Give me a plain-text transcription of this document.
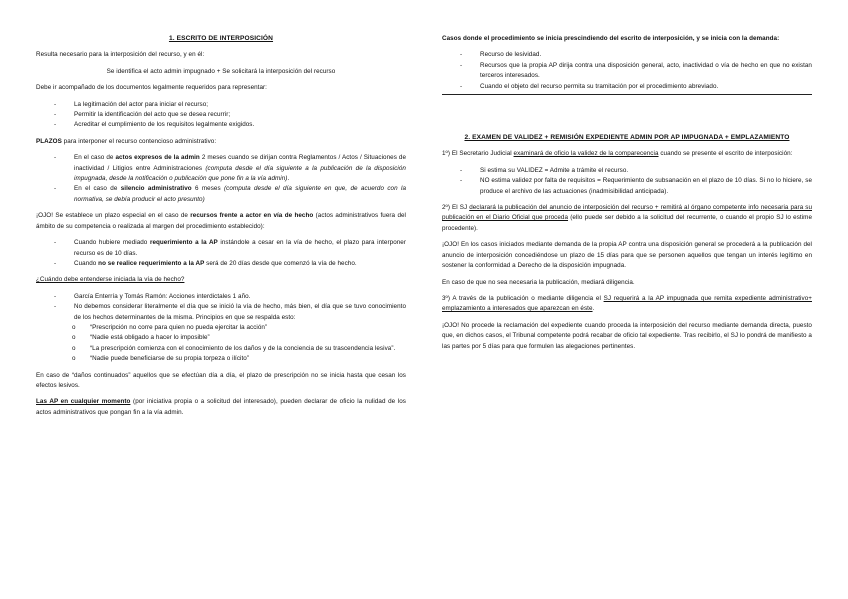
1. ESCRITO DE INTERPOSICIÓN

Resulta necesario para la interposición del recurso, y en él:

Se identifica el acto admin impugnado + Se solicitará la interposición del recurso

Debe ir acompañado de los documentos legalmente requeridos para representar:

- La legitimación del actor para iniciar el recurso;
- Permitir la identificación del acto que se desea recurrir;
- Acreditar el cumplimiento de los requisitos legalmente exigidos.

PLAZOS para interponer el recurso contencioso administrativo:

- En el caso de actos expresos de la admin 2 meses cuando se dirijan contra Reglamentos / Actos / Situaciones de inactividad / Litigios entre Administraciones (computa desde el día siguiente a la publicación de la disposición impugnada, desde la notificación o publicación que pone fin a la vía admin).
- En el caso de silencio administrativo 6 meses (computa desde el día siguiente en que, de acuerdo con la normativa, se debía producir el acto presunto)

¡OJO! Se establece un plazo especial en el caso de recursos frente a actor en vía de hecho (actos administrativos fuera del ámbito de su competencia o realizada al margen del procedimiento establecido):

- Cuando hubiere mediado requerimiento a la AP instándole a cesar en la vía de hecho, el plazo para interponer recurso es de 10 días.
- Cuando no se realice requerimiento a la AP será de 20 días desde que comenzó la vía de hecho.

¿Cuándo debe entenderse iniciada la vía de hecho?

- García Enterría y Tomás Ramón: Acciones interdictales 1 año.
- No debemos considerar literalmente el día que se inició la vía de hecho, más bien, el día que se tuvo conocimiento de los hechos determinantes de la misma. Principios en que se respalda esto:
o “Prescripción no corre para quien no pueda ejercitar la acción”
o “Nadie está obligado a hacer lo imposible”
o “La prescripción comienza con el conocimiento de los daños y de la conciencia de su trascendencia lesiva”.
o “Nadie puede beneficiarse de su propia torpeza o ilícito”

En caso de “daños continuados” aquellos que se efectúan día a día, el plazo de prescripción no se inicia hasta que cesan los efectos lesivos.

Las AP en cualquier momento (por iniciativa propia o a solicitud del interesado), pueden declarar de oficio la nulidad de los actos administrativos que pongan fin a la vía admin.

Casos donde el procedimiento se inicia prescindiendo del escrito de interposición, y se inicia con la demanda:

- Recurso de lesividad.
- Recursos que la propia AP dirija contra una disposición general, acto, inactividad o vía de hecho en que no existan terceros interesados.
- Cuando el objeto del recurso permita su tramitación por el procedimiento abreviado.
2. EXAMEN DE VALIDEZ + REMISIÓN EXPEDIENTE ADMIN POR AP IMPUGNADA + EMPLAZAMIENTO

1º) El Secretario Judicial examinará de oficio la validez de la comparecencia cuando se presente el escrito de interposición:

- Si estima su VALIDEZ = Admite a trámite el recurso.
- NO estima validez por falta de requisitos = Requerimiento de subsanación en el plazo de 10 días. Si no lo hiciere, se produce el archivo de las actuaciones (inadmisibilidad anticipada).

2º) El SJ declarará la publicación del anuncio de interposición del recurso + remitirá al órgano competente info necesaria para su publicación en el Diario Oficial que proceda (ello puede ser debido a la solicitud del recurrente, o cuando el propio SJ lo estime procedente).

¡OJO! En los casos iniciados mediante demanda de la propia AP contra una disposición general se procederá a la publicación del anuncio de interposición concediéndose un plazo de 15 días para que se personen aquellos que tengan un interés legítimo en sostener la conformidad a Derecho de la disposición impugnada.

En caso de que no sea necesaria la publicación, mediará diligencia.

3º) A través de la publicación o mediante diligencia el SJ requerirá a la AP impugnada que remita expediente administrativo+ emplazamiento a interesados que aparezcan en éste.

¡OJO! No procede la reclamación del expediente cuando proceda la interposición del recurso mediante demanda directa, puesto que, en dichos casos, el Tribunal competente podrá recabar de oficio tal expediente. Tras recibirlo, el SJ lo pondrá de manifiesto a las partes por 5 días para que formulen las alegaciones pertinentes.
